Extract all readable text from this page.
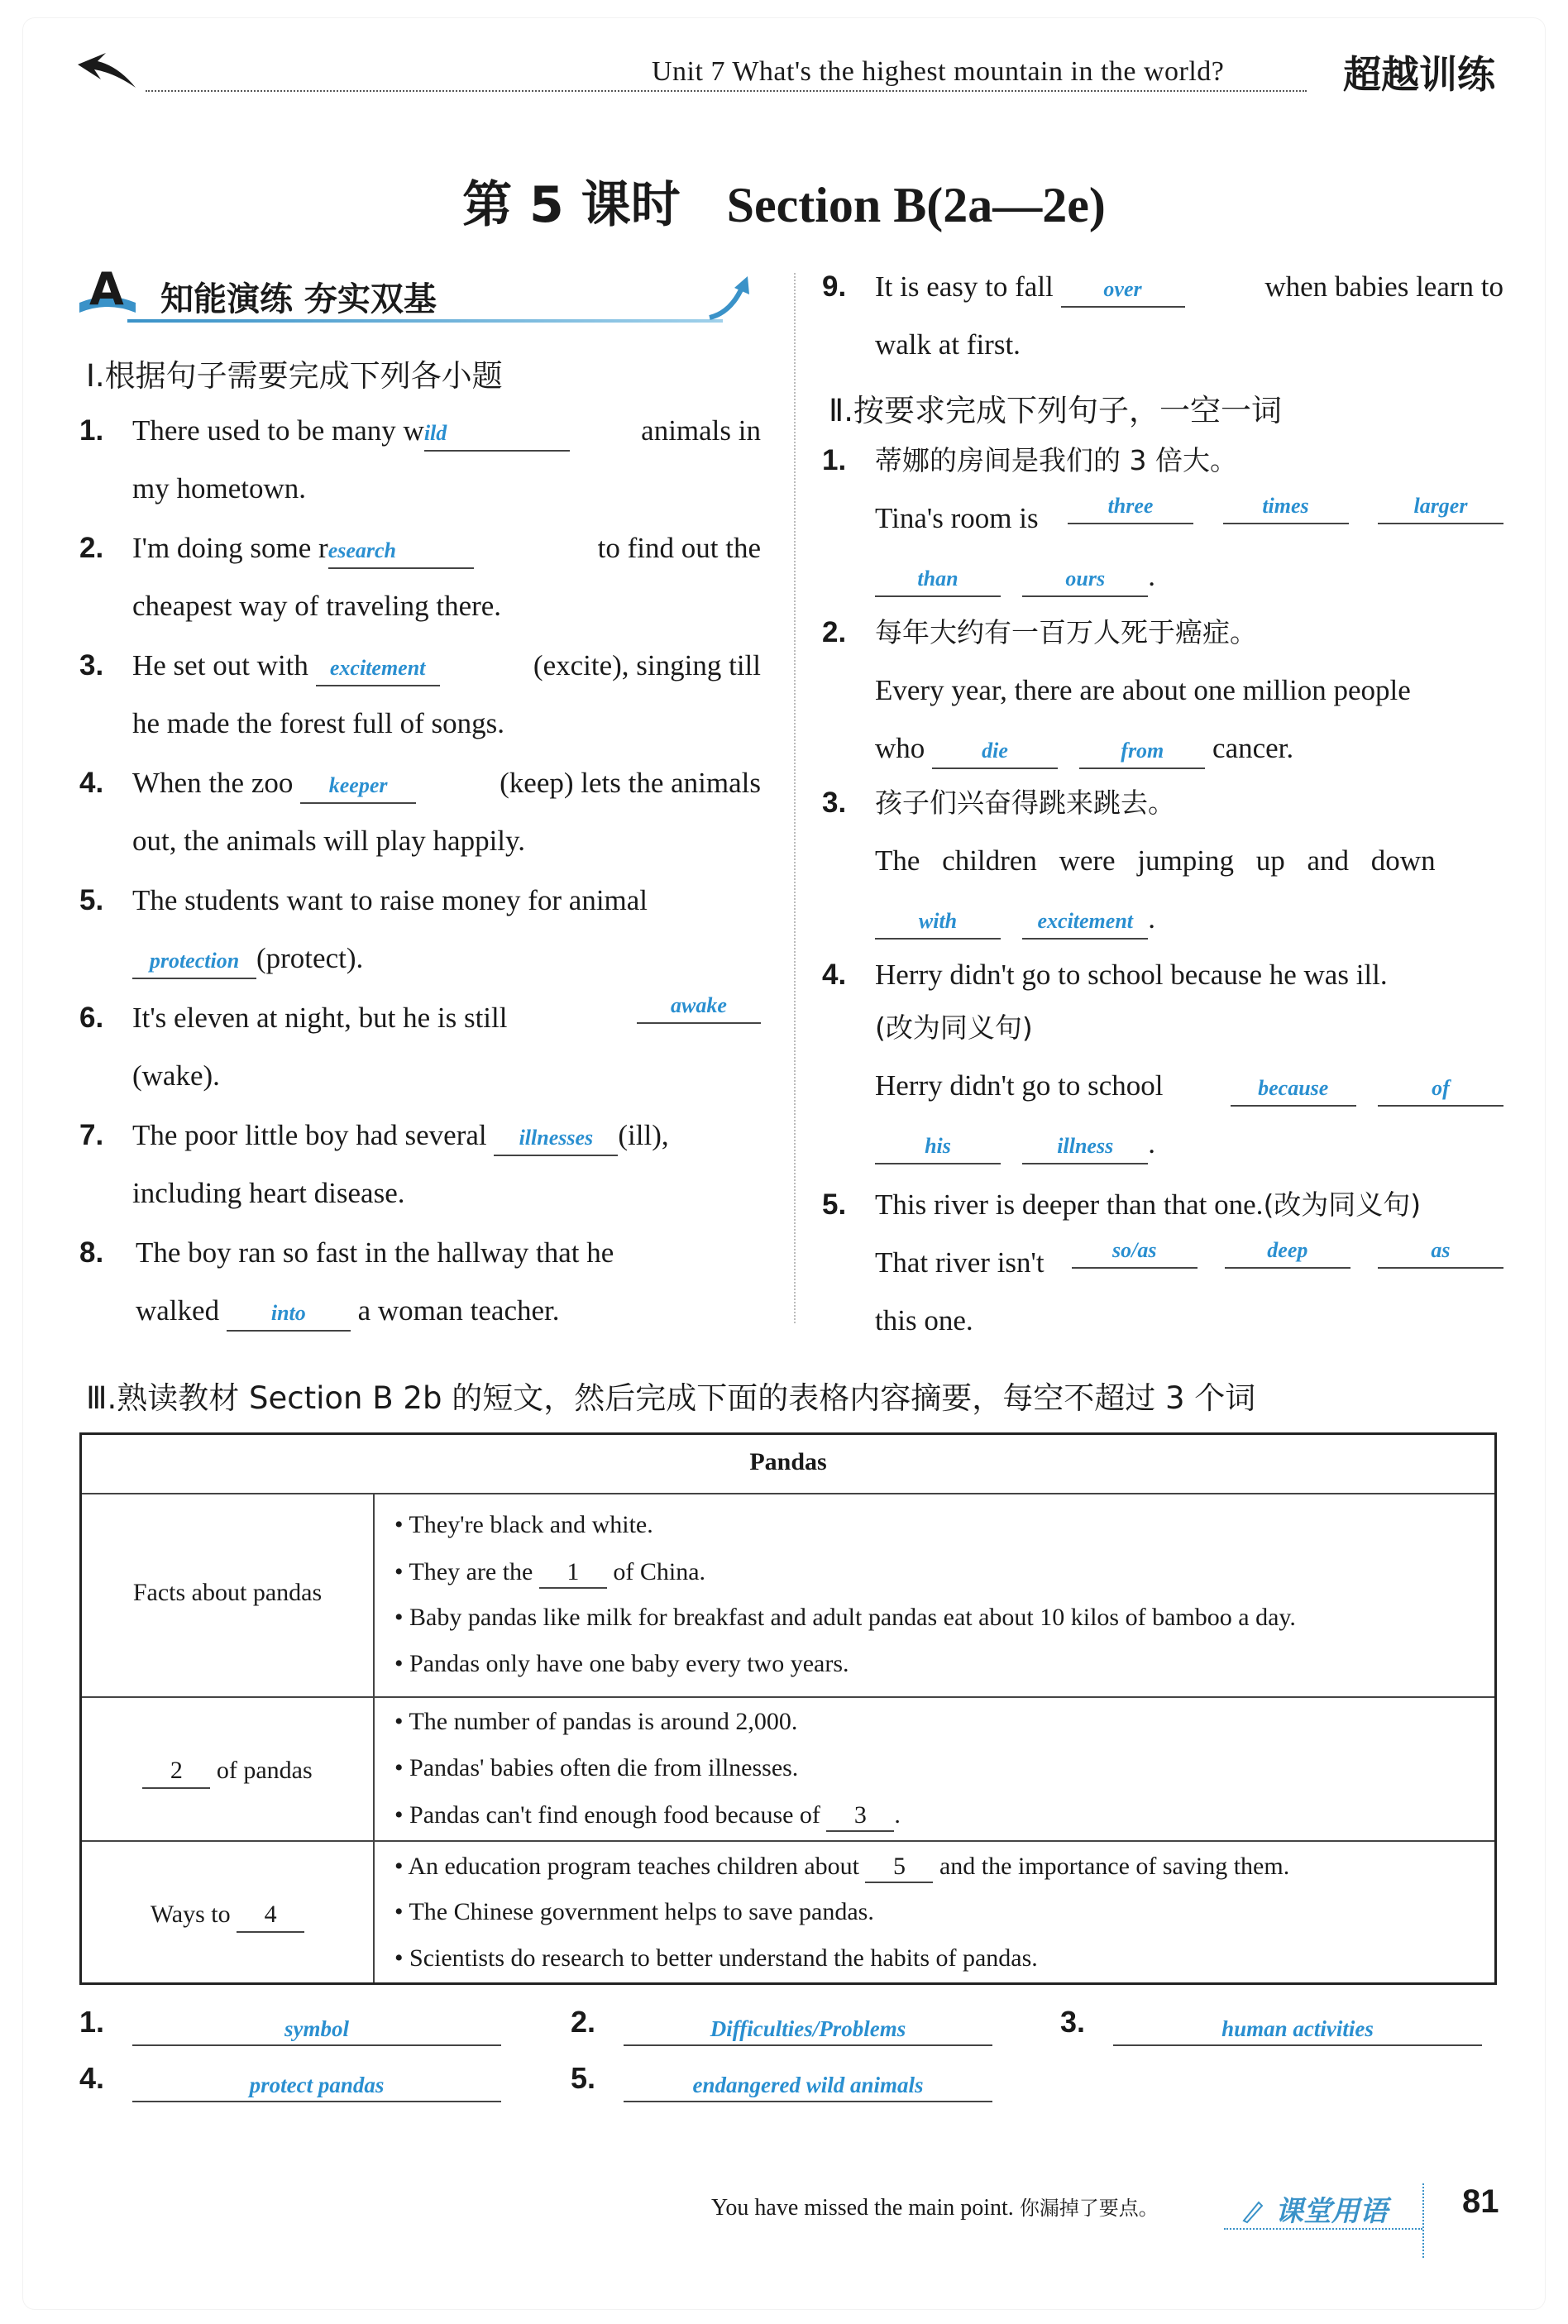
Unit 7 What's the highest mountain in the world?	超越训练
第 5 课时 Section B(2a—2e)
A 知能演练 夯实双基
Ⅰ.根据句子需要完成下列各小题
1. There used to be many wild	animals in
my hometown.
2. I'm doing some research	to find out the
cheapest way of traveling there.
3. He set out with excitement	(excite), singing till
he made the forest full of songs.
4. When the zoo keeper	(keep) lets the animals
out, the animals will play happily.
5. The students want to raise money for animal
protection (protect).
6. It's eleven at night, but he is still	awake
(wake).
7. The poor little boy had several illnesses (ill),
including heart disease.
8.	The boy ran so fast in the hallway that he
walked into a woman teacher.
9. It is easy to fall over	when babies learn to
walk at first.
Ⅱ.按要求完成下列句子，一空一词
1.	蒂娜的房间是我们的 3 倍大。
Tina's room is	three	times	larger
than	ours .
2.	每年大约有一百万人死于癌症。
Every year, there are about one million people
who	die	from cancer.
3.	孩子们兴奋得跳来跳去。
The children were jumping up and down
with	excitement .
4. Herry didn't go to school because he was ill.
(改为同义句)
Herry didn't go to school	because	of
his	illness .
5. This river is deeper than that one.(改为同义句)
That river isn't	so/as	deep	as
this one.
Ⅲ.熟读教材 Section B 2b 的短文，然后完成下面的表格内容摘要，每空不超过 3 个词
Pandas
Facts about pandas
• They're black and white.
• They are the 1 of China.
• Baby pandas like milk for breakfast and adult pandas eat about 10 kilos of bamboo a day.
• Pandas only have one baby every two years.
2 of pandas
• The number of pandas is around 2,000.
• Pandas' babies often die from illnesses.
• Pandas can't find enough food because of 3 .
Ways to 4
• An education program teaches children about 5 and the importance of saving them.
• The Chinese government helps to save pandas.
• Scientists do research to better understand the habits of pandas.
1.	symbol	2.	Difficulties/Problems	3.	human activities
4.	protect pandas	5.	endangered wild animals
You have missed the main point. 你漏掉了要点。	课堂用语 81
